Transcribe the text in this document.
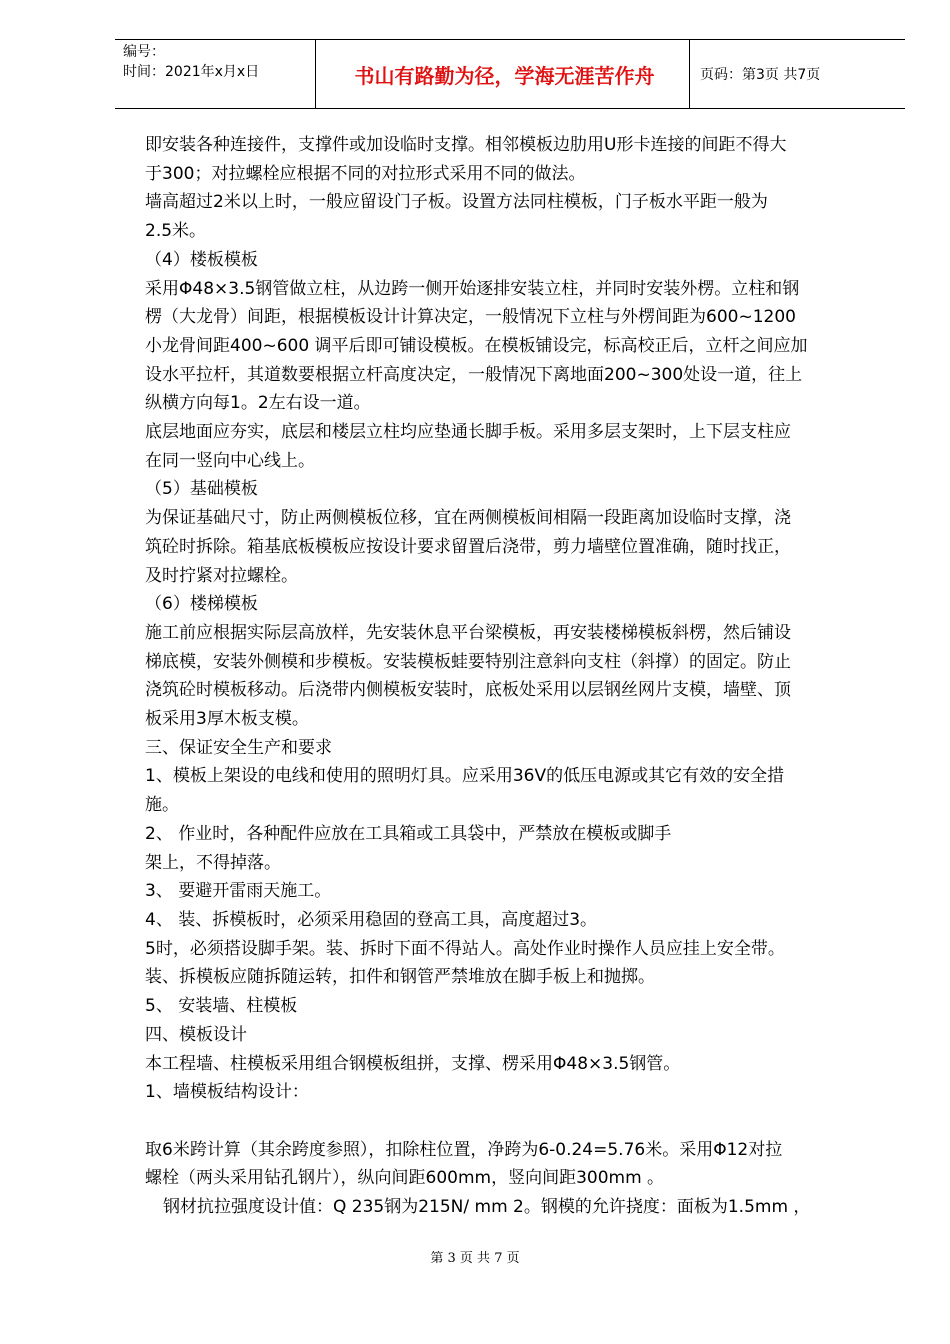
编号：
时间：2021年x月x日	书山有路勤为径，学海无涯苦作舟	页码：第3页 共7页

即安装各种连接件，支撑件或加设临时支撑。相邻模板边肋用U形卡连接的间距不得大

于300；对拉螺栓应根据不同的对拉形式采用不同的做法。

墙高超过2米以上时，一般应留设门子板。设置方法同柱模板，门子板水平距一般为

2.5米。

（4）楼板模板

采用Φ48×3.5钢管做立柱，从边跨一侧开始逐排安装立柱，并同时安装外楞。立柱和钢

楞（大龙骨）间距，根据模板设计计算决定，一般情况下立柱与外楞间距为600~1200

小龙骨间距400~600 调平后即可铺设模板。在模板铺设完，标高校正后，立杆之间应加

设水平拉杆，其道数要根据立杆高度决定，一般情况下离地面200~300处设一道，往上

纵横方向每1。2左右设一道。

底层地面应夯实，底层和楼层立柱均应垫通长脚手板。采用多层支架时，上下层支柱应

在同一竖向中心线上。

（5）基础模板

为保证基础尺寸，防止两侧模板位移，宜在两侧模板间相隔一段距离加设临时支撑，浇

筑砼时拆除。箱基底板模板应按设计要求留置后浇带，剪力墙壁位置准确，随时找正，

及时拧紧对拉螺栓。

（6）楼梯模板

施工前应根据实际层高放样，先安装休息平台梁模板，再安装楼梯模板斜楞，然后铺设

梯底模，安装外侧模和步模板。安装模板蛙要特别注意斜向支柱（斜撑）的固定。防止

浇筑砼时模板移动。后浇带内侧模板安装时，底板处采用以层钢丝网片支模，墙壁、顶

板采用3厚木板支模。

三、保证安全生产和要求

1、模板上架设的电线和使用的照明灯具。应采用36V的低压电源或其它有效的安全措

施。

2、 作业时，各种配件应放在工具箱或工具袋中，严禁放在模板或脚手

架上，不得掉落。

3、 要避开雷雨天施工。

4、 装、拆模板时，必须采用稳固的登高工具，高度超过3。

5时，必须搭设脚手架。装、拆时下面不得站人。高处作业时操作人员应挂上安全带。

装、拆模板应随拆随运转，扣件和钢管严禁堆放在脚手板上和抛掷。

5、 安装墙、柱模板

四、模板设计

本工程墙、柱模板采用组合钢模板组拼，支撑、楞采用Φ48×3.5钢管。

1、墙模板结构设计：

取6米跨计算（其余跨度参照），扣除柱位置，净跨为6-0.24=5.76米。采用Φ12对拉

螺栓（两头采用钻孔钢片），纵向间距600mm，竖向间距300mm 。

钢材抗拉强度设计值：Q 235钢为215N/ mm 2。钢模的允许挠度：面板为1.5mm ，

第 3 页 共 7 页
